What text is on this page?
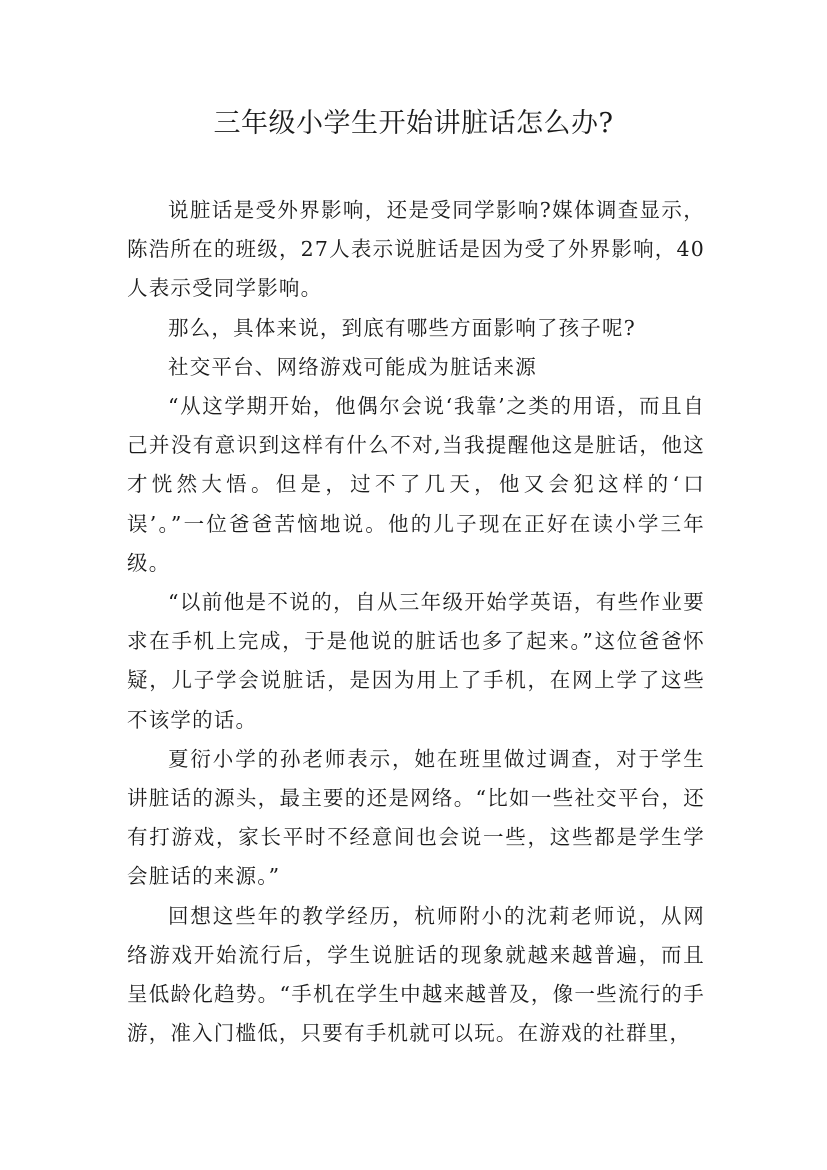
三年级小学生开始讲脏话怎么办?

说脏话是受外界影响，还是受同学影响?媒体调查显示，陈浩所在的班级，27人表示说脏话是因为受了外界影响，40人表示受同学影响。

那么，具体来说，到底有哪些方面影响了孩子呢?

社交平台、网络游戏可能成为脏话来源

“从这学期开始，他偶尔会说‘我靠’之类的用语，而且自己并没有意识到这样有什么不对,当我提醒他这是脏话，他这才恍然大悟。但是，过不了几天，他又会犯这样的‘口误’。”一位爸爸苦恼地说。他的儿子现在正好在读小学三年级。

“以前他是不说的，自从三年级开始学英语，有些作业要求在手机上完成，于是他说的脏话也多了起来。”这位爸爸怀疑，儿子学会说脏话，是因为用上了手机，在网上学了这些不该学的话。

夏衍小学的孙老师表示，她在班里做过调查，对于学生讲脏话的源头，最主要的还是网络。“比如一些社交平台，还有打游戏，家长平时不经意间也会说一些，这些都是学生学会脏话的来源。”

回想这些年的教学经历，杭师附小的沈莉老师说，从网络游戏开始流行后，学生说脏话的现象就越来越普遍，而且呈低龄化趋势。“手机在学生中越来越普及，像一些流行的手游，准入门槛低，只要有手机就可以玩。在游戏的社群里，
